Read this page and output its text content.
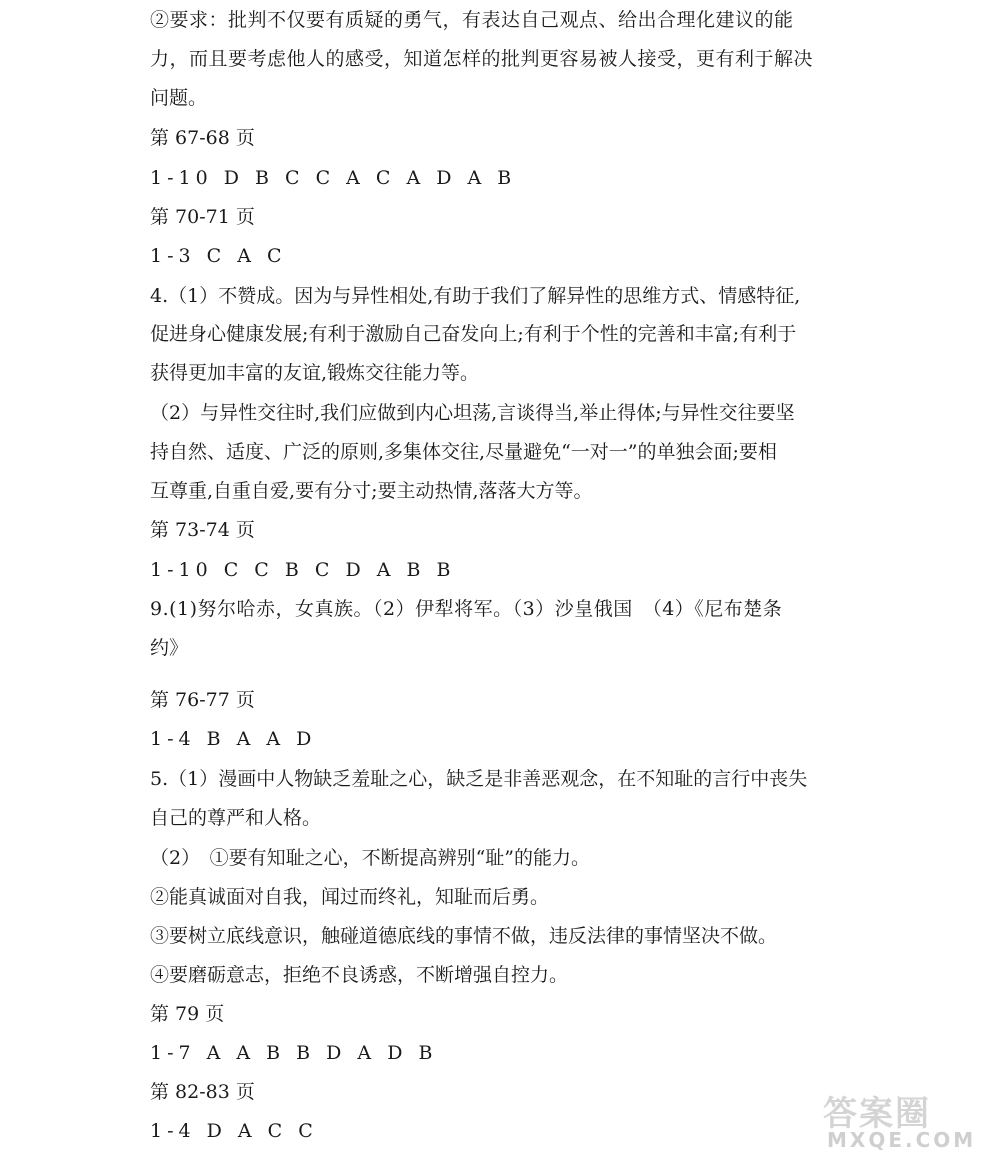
②要求：批判不仅要有质疑的勇气，有表达自己观点、给出合理化建议的能
力，而且要考虑他人的感受，知道怎样的批判更容易被人接受，更有利于解决
问题。
第 67-68 页
1-10 D B C C A C A D A B
第 70-71 页
1-3 C A C
4.（1）不赞成。因为与异性相处,有助于我们了解异性的思维方式、情感特征,
促进身心健康发展;有利于激励自己奋发向上;有利于个性的完善和丰富;有利于
获得更加丰富的友谊,锻炼交往能力等。
（2）与异性交往时,我们应做到内心坦荡,言谈得当,举止得体;与异性交往要坚
持自然、适度、广泛的原则,多集体交往,尽量避免“一对一”的单独会面;要相
互尊重,自重自爱,要有分寸;要主动热情,落落大方等。
第 73-74 页
1-10 C C B C D A B B
9.(1)努尔哈赤，女真族。（2）伊犁将军。（3）沙皇俄国　（4）《尼布楚条
约》
第 76-77 页
1-4 B A A D
5.（1）漫画中人物缺乏羞耻之心，缺乏是非善恶观念，在不知耻的言行中丧失
自己的尊严和人格。
（2）　①要有知耻之心，不断提高辨别“耻”的能力。
②能真诚面对自我，闻过而终礼，知耻而后勇。
③要树立底线意识，触碰道德底线的事情不做，违反法律的事情坚决不做。
④要磨砺意志，拒绝不良诱惑，不断增强自控力。
第 79 页
1-7 A A B B D A D B
第 82-83 页
1-4 D A C C	答案圈
MXQE.COM
